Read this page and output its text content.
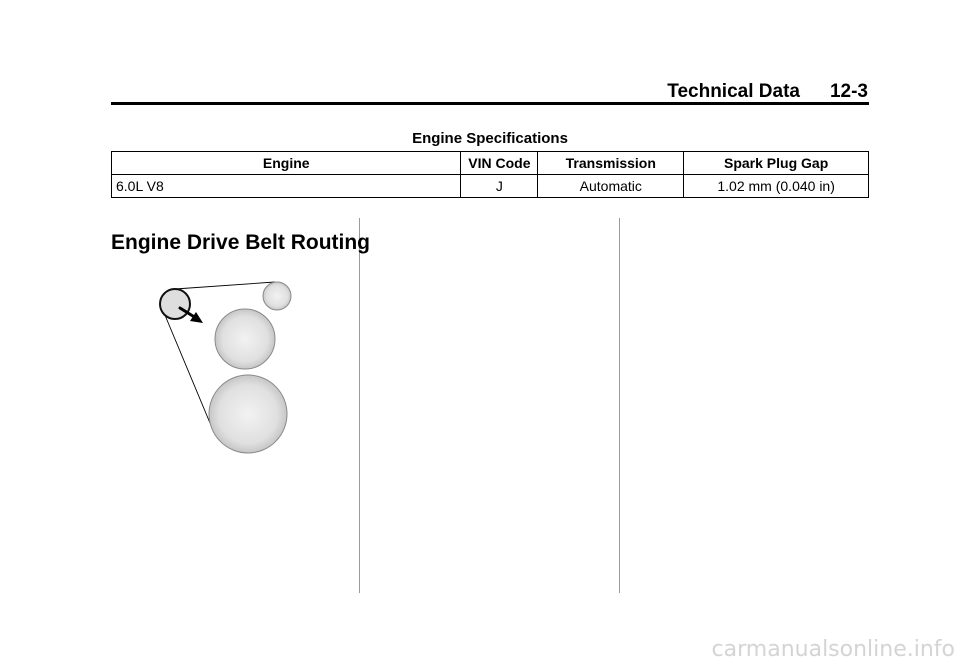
Technical Data 12-3
Engine Specifications
Engine	VIN Code	Transmission	Spark Plug Gap
6.0L V8	J	Automatic	1.02 mm (0.040 in)
Engine Drive Belt Routing
carmanualsonline.info
